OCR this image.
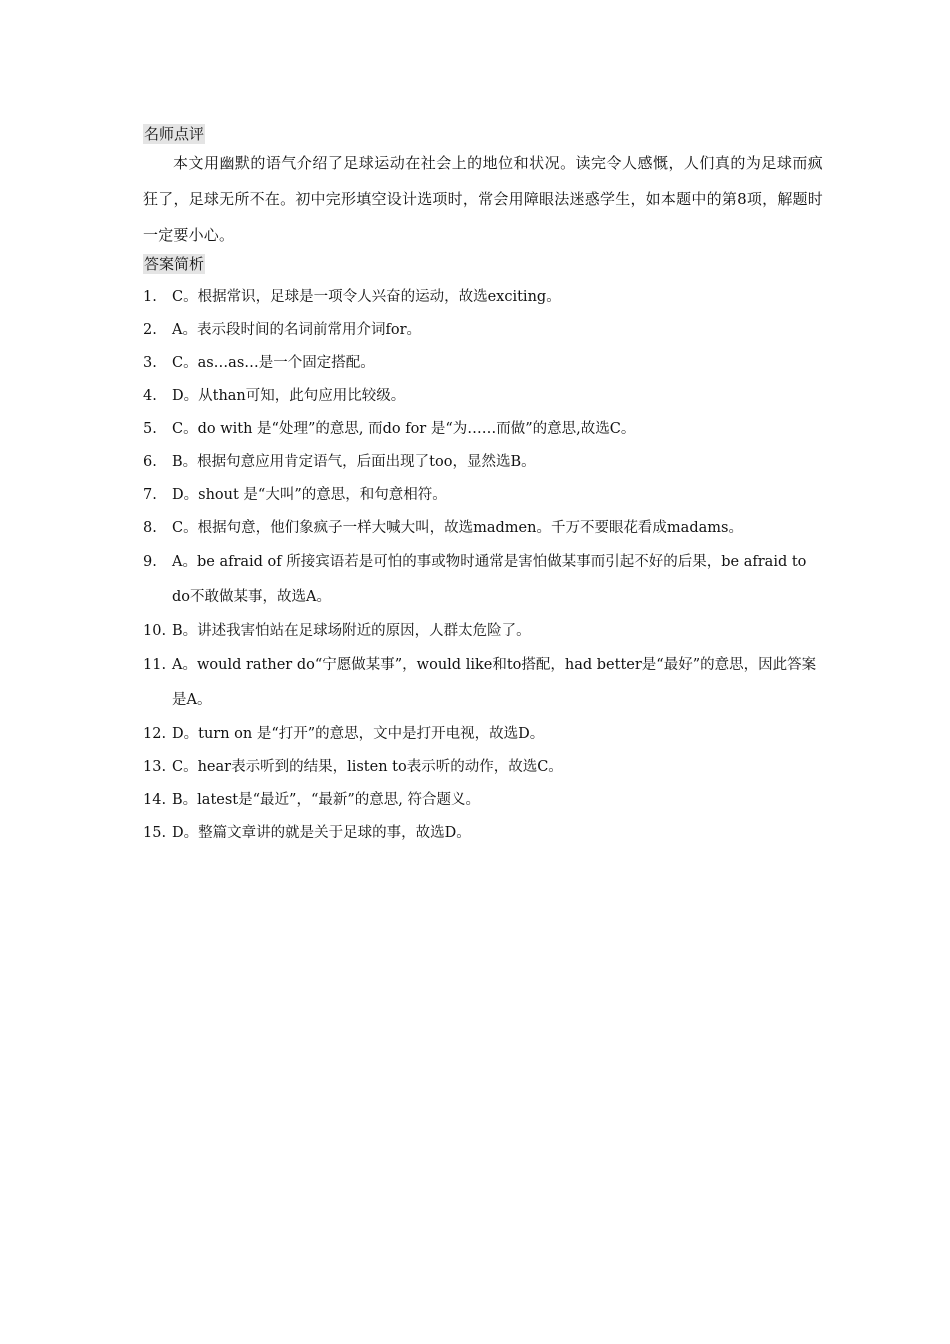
名师点评

本文用幽默的语气介绍了足球运动在社会上的地位和状况。读完令人感慨，人们真的为足球而疯狂了，足球无所不在。初中完形填空设计选项时，常会用障眼法迷惑学生，如本题中的第8项，解题时一定要小心。

答案简析
1. C。根据常识，足球是一项令人兴奋的运动，故选exciting。
2. A。表示段时间的名词前常用介词for。
3. C。as…as…是一个固定搭配。
4. D。从than可知，此句应用比较级。
5. C。do with 是“处理”的意思, 而do for 是“为……而做”的意思,故选C。
6. B。根据句意应用肯定语气，后面出现了too，显然选B。
7. D。shout 是“大叫”的意思，和句意相符。
8. C。根据句意，他们象疯子一样大喊大叫，故选madmen。千万不要眼花看成madams。
9. A。be afraid of 所接宾语若是可怕的事或物时通常是害怕做某事而引起不好的后果，be afraid to do不敢做某事，故选A。
10. B。讲述我害怕站在足球场附近的原因，人群太危险了。
11. A。would rather do“宁愿做某事”，would like和to搭配，had better是“最好”的意思，因此答案是A。
12. D。turn on 是“打开”的意思，文中是打开电视，故选D。
13. C。hear表示听到的结果，listen to表示听的动作，故选C。
14. B。latest是“最近”，“最新”的意思, 符合题义。
15. D。整篇文章讲的就是关于足球的事，故选D。
